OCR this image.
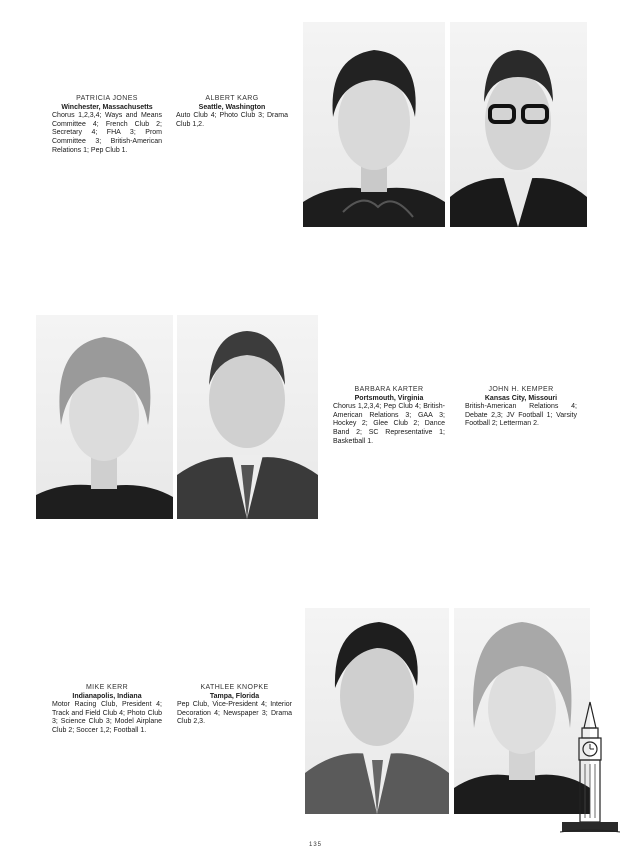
PATRICIA JONES
Winchester, Massachusetts
Chorus 1,2,3,4; Ways and Means Committee 4; French Club 2; Secretary 4; FHA 3; Prom Committee 3; British-American Relations 1; Pep Club 1.
ALBERT KARG
Seattle, Washington
Auto Club 4; Photo Club 3; Drama Club 1,2.
BARBARA KARTER
Portsmouth, Virginia
Chorus 1,2,3,4; Pep Club 4; British-American Relations 3; GAA 3; Hockey 2; Glee Club 2; Dance Band 2; SC Representative 1; Basketball 1.
JOHN H. KEMPER
Kansas City, Missouri
British-American Relations 4; Debate 2,3; JV Football 1; Varsity Football 2; Letterman 2.
MIKE KERR
Indianapolis, Indiana
Motor Racing Club, President 4; Track and Field Club 4; Photo Club 3; Science Club 3; Model Airplane Club 2; Soccer 1,2; Football 1.
KATHLEE KNOPKE
Tampa, Florida
Pep Club, Vice-President 4; Interior Decoration 4; Newspaper 3; Drama Club 2,3.
135
